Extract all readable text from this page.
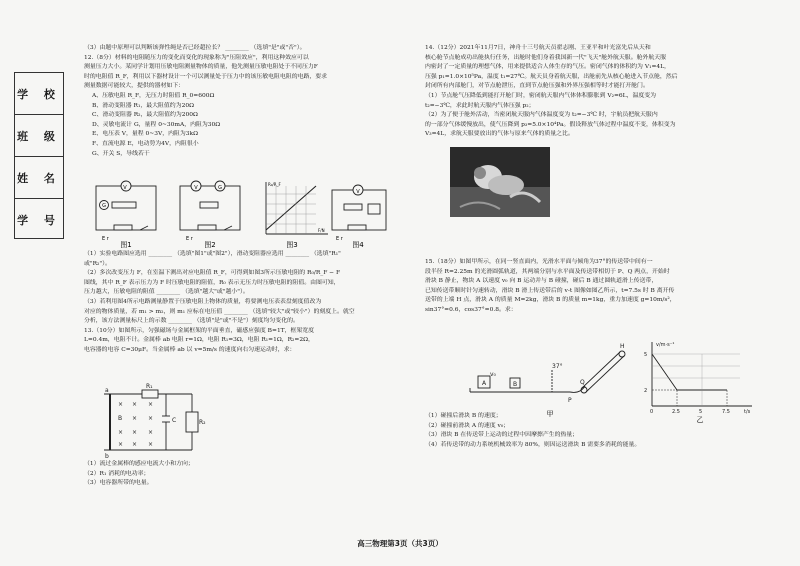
学 校
班 级
姓 名
学 号
（3）由题中原理可以判断该弹性绳是否已经超拉长？ ________ （选填"是"或"否"）。
12.（8分）材料的电阻随压力的变化而变化的现象称为"压阻效应"，利用这种效应可以
测量压力大小。某同学计划用压敏电阻测量物体的质量，他先测量压敏电阻处于不同压力F
时的电阻值 R_F，利用以下器材设计一个可以测量处于压力中的该压敏电阻电阻的电路，要求
测量数据可能较大，提供的器材如下：
A、压敏电阻 R_F，无压力时阻值 R_0=600Ω
B、滑动变阻器 R₁，最大阻值约为20Ω
C、滑动变阻器 R₂，最大阻值约为200Ω
D、灵敏电流计 G，量程 0~30mA，内阻为30Ω
E、电压表 V，量程 0~3V，内阻为3kΩ
F、直流电源 E，电动势为4V，内阻很小
G、开关 S，导线若干
V
G
E r
图1
V	G
E r
图2
R₀/R_F
F/N
图3
V
E r
图4
（1）实验电路图应选用 ________ （选填"图1"或"图2"），滑动变阻器应选用 ________ （选填"R₁"
或"R₂"）。
（2）多次改变压力 F，在室温下测出对应电阻值 R_F，可得到如图3所示压敏电阻的 R₀/R_F − F
图线，其中 R_F 表示压力为 F 时压敏电阻的阻值，R₀ 表示无压力时压敏电阻的阻值。由图可知，
压力越大，压敏电阻的阻值 ________ （选填"越大"或"越小"）。
（3）若利用图4所示电路测量静置于压敏电阻上物体的质量，将要测电压表表盘刻度值改为
对应的物体质量，若 m₁ > m₂，则 m₁ 应标在电压值 ________ （选填"较大"或"较小"）的刻度上。就空
分析，该方法测量标尺上的示数 ________ （选填"是"或"不是"）刻度均匀变化的。
13.（10分）如图所示，匀强磁场与金属框架的平面垂直，磁感应强度 B=1T，框架宽度
L=0.4m，电阻不计。金属棒 ab 电阻 r=1Ω，电阻 R₁=3Ω，电阻 R₁=1Ω，R₂=2Ω，
电容器的电容 C=30μF。当金属棒 ab 以 v=5m/s 的速度向右匀速运动时，求：
× × ×
B × ×
× × ×
× × ×
a
b
R₁
C	R₂
（1）流过金属棒的感应电流大小和方向；
（2）R₁ 消耗的电功率；
（3）电容器所带的电量。
14.（12分）2021年11月7日，神舟十三号航天员翟志刚、王亚平和叶光富先后从天和
核心舱节点舱成功出舱执行任务，出舱时他们身着我国新一代"飞天"舱外航天服。舱外航天服
内密封了一定质量的理想气体，用来提供适合人体生存的气压。密闭气体的体积约为 V₁=4L，
压强 p₁=1.0×10⁵Pa，温度 t₁=27℃。航天员身着航天服，出舱前先从核心舱进入节点舱，然后
封闭所有内部舱门，对节点舱泄压，直到节点舱压强和外界压强相等时才能打开舱门。
（1）节点舱气压降低到能打开舱门时，密闭航天服内气体体积膨胀到 V₂=6L，温度变为
t₂=−3℃，求此时航天服内气体压强 p₂；
（2）为了便于舱外活动，当密闭航天服内气体温度变为 t₂=−3℃ 时，宇航员把航天服内
的一部分气体缓慢放出，使气压降到 p₃=5.0×10⁴Pa。假设释放气体过程中温度不变，体积变为
V₃=4L，求航天服要放出的气体与原来气体的质量之比。
15.（18分）如图甲所示，在同一竖直面内，光滑水平面与倾角为37°的传送带中间有一
段半径 R=2.25m 的光滑圆弧轨道，其两端分别与水平面及传送带相切于 P、Q 两点，开始时
滑块 B 静止，物块 A 以速度 v₀ 向 B 运动并与 B 碰撞，碰后 B 通过圆轨道滑上传送带，
已知传送带顺时针匀速转动，滑块 B 滑上传送带后的 v-t 图像如图乙所示，t=7.5s 时 B 离开传
送带的上端 H 点，滑块 A 的质量 M=2kg，滑块 B 的质量 m=1kg，重力加速度 g=10m/s²，
sin37°=0.6，cos37°=0.8。求：
A	B
v₀
37°
P
Q
H
甲
v/m·s⁻¹
5
2
0	2.5	5	7.5	t/s
乙
（1）碰撞后滑块 B 的速度；
（2）碰撞前滑块 A 的速度 v₀；
（3）滑块 B 在传送带上运动的过程中因摩擦产生的热量；
（4）若传送带的动力系统机械效率为 80%，则因运送滑块 B 需要多消耗的能量。
高三物理第3页（共3页）
